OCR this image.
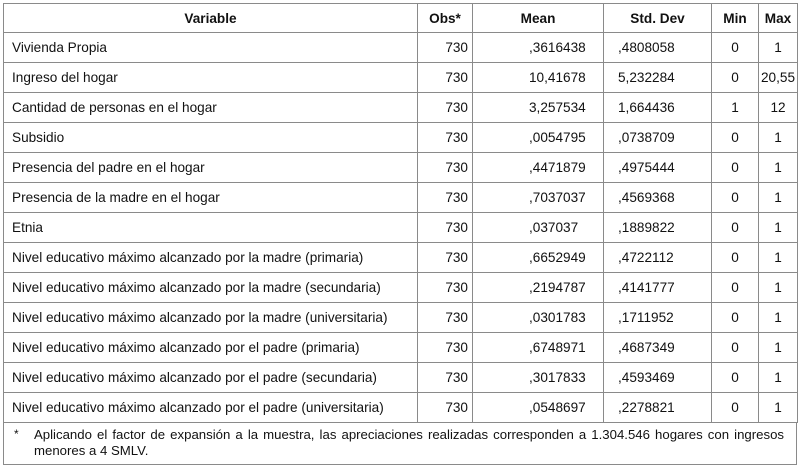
Variable	Obs*	Mean	Std. Dev	Min	Max
Vivienda Propia	730	,3616438	,4808058	0	1
Ingreso del hogar	730	10,41678	5,232284	0	20,55
Cantidad de personas en el hogar	730	3,257534	1,664436	1	12
Subsidio	730	,0054795	,0738709	0	1
Presencia del padre en el hogar	730	,4471879	,4975444	0	1
Presencia de la madre en el hogar	730	,7037037	,4569368	0	1
Etnia	730	,037037	,1889822	0	1
Nivel educativo máximo alcanzado por la madre (primaria)	730	,6652949	,4722112	0	1
Nivel educativo máximo alcanzado por la madre (secundaria)	730	,2194787	,4141777	0	1
Nivel educativo máximo alcanzado por la madre (universitaria)	730	,0301783	,1711952	0	1
Nivel educativo máximo alcanzado por el padre (primaria)	730	,6748971	,4687349	0	1
Nivel educativo máximo alcanzado por el padre (secundaria)	730	,3017833	,4593469	0	1
Nivel educativo máximo alcanzado por el padre (universitaria)	730	,0548697	,2278821	0	1
* Aplicando el factor de expansión a la muestra, las apreciaciones realizadas corresponden a 1.304.546 hogares con ingresos menores a 4 SMLV.
